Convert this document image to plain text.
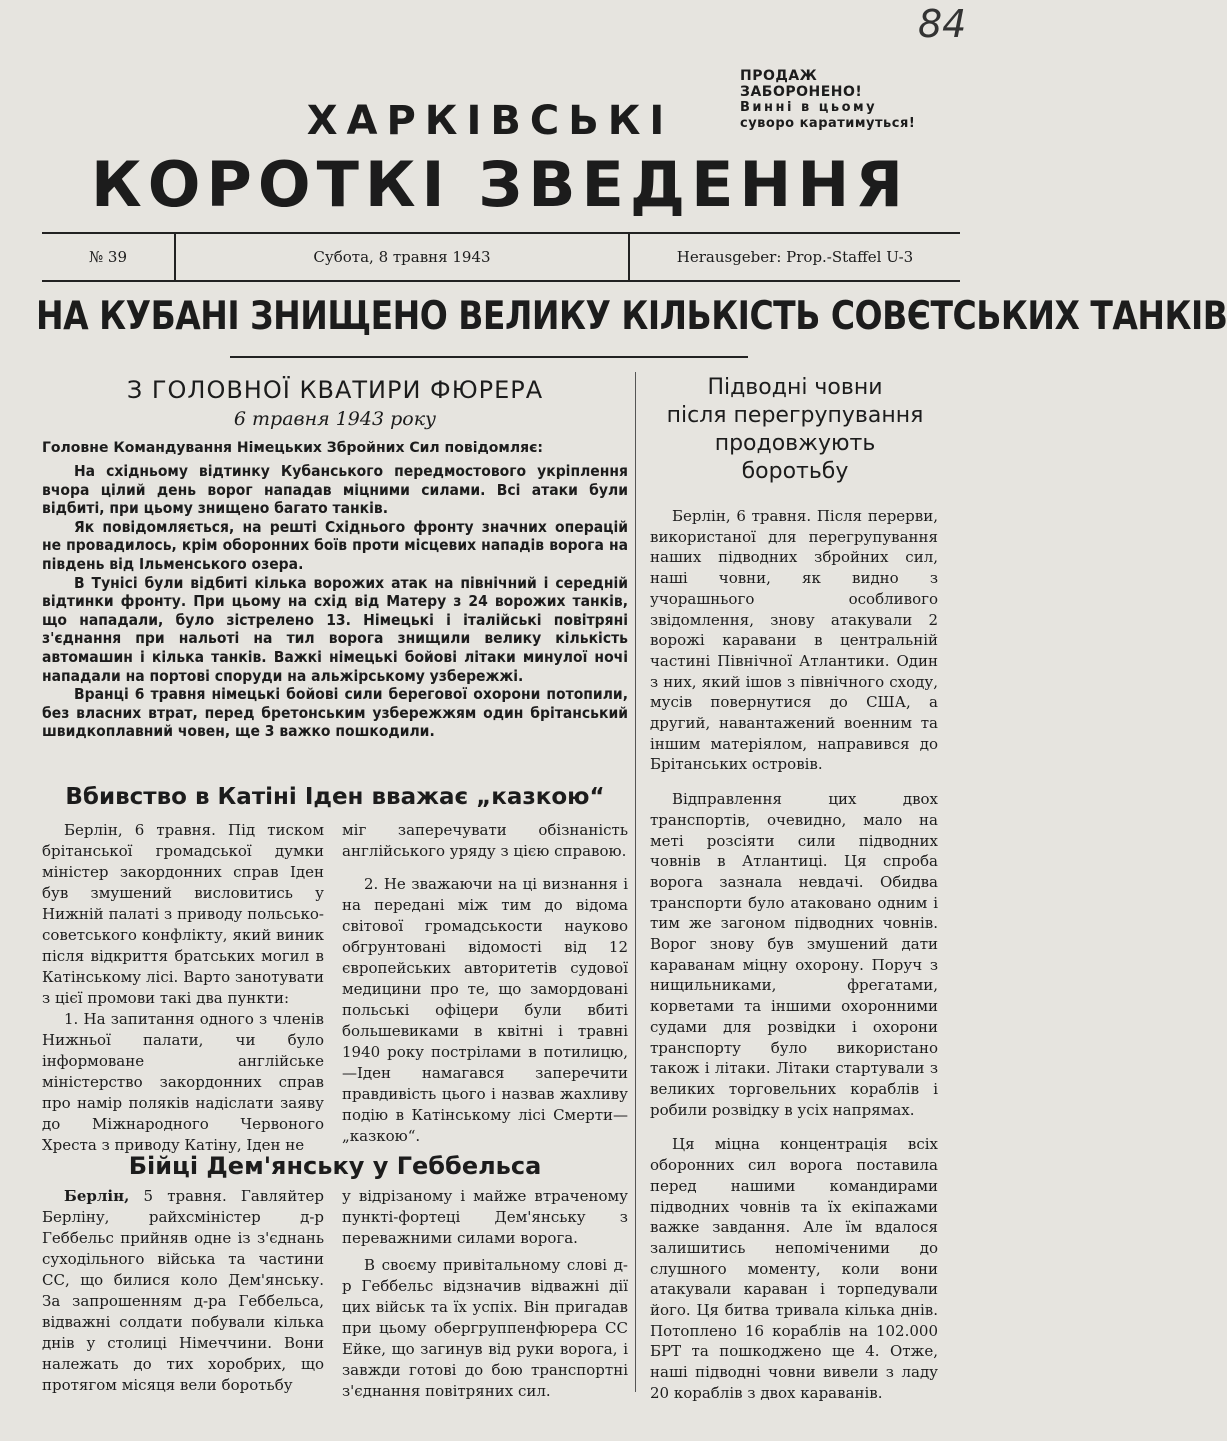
84
ПРОДАЖ ЗАБОРОНЕНО!
Винні в цьому
суворо каратимуться!
ХАРКІВСЬКІ
КОРОТКІ ЗВЕДЕННЯ
№ 39	Субота, 8 травня 1943	Herausgeber: Prop.-Staffel U-3
НА КУБАНІ ЗНИЩЕНО ВЕЛИКУ КІЛЬКІСТЬ СОВЄТСЬКИХ ТАНКІВ
З ГОЛОВНОЇ КВАТИРИ ФЮРЕРА
6 травня 1943 року
Головне Командування Німецьких Збройних Сил повідомляє:

На східньому відтинку Кубанського передмостового укріплення вчора цілий день ворог нападав міцними силами. Всі атаки були відбиті, при цьому знищено багато танків.

Як повідомляється, на решті Східнього фронту значних операцій не провадилось, крім оборонних боїв проти місцевих нападів ворога на південь від Ільменського озера.

В Тунісі були відбиті кілька ворожих атак на північний і середній відтинки фронту. При цьому на схід від Матеру з 24 ворожих танків, що нападали, було зістрелено 13. Німецькі і італійські повітряні з'єднання при нальоті на тил ворога знищили велику кількість автомашин і кілька танків. Важкі німецькі бойові літаки минулої ночі нападали на портові споруди на альжірському узбережжі.

Вранці 6 травня німецькі бойові сили берегової охорони потопили, без власних втрат, перед бретонським узбережжям один брітанський швидкоплавний човен, ще 3 важко пошкодили.

Вбивство в Катіні Іден вважає „казкою“

Берлін, 6 травня. Під тиском брітанської громадської думки міністер закордонних справ Іден був змушений висловитись у Нижній палаті з приводу польсько-советського конфлікту, який виник після відкриття братських могил в Катінському лісі. Варто занотувати з цієї промови такі два пункти:

1. На запитання одного з членів Нижньої палати, чи було інформоване англійське міністерство закордонних справ про намір поляків надіслати заяву до Міжнародного Червоного Хреста з приводу Катіну, Іден не

міг заперечувати обізнаність англійського уряду з цією справою.

2. Не зважаючи на ці визнання і на передані між тим до відома світової громадськости науково обгрунтовані відомості від 12 європейських авторитетів судової медицини про те, що замордовані польські офіцери були вбиті большевиками в квітні і травні 1940 року пострілами в потилицю,—Іден намагався заперечити правдивість цього і назвав жахливу подію в Катінському лісі Смерти—„казкою“.

Бійці Дем'янську у Геббельса

Берлін, 5 травня. Гавляйтер Берліну, райхсміністер д-р Геббельс прийняв одне із з'єднань суходільного війська та частини СС, що билися коло Дем'янську. За запрошенням д-ра Геббельса, відважні солдати побували кілька днів у столиці Німеччини. Вони належать до тих хоробрих, що протягом місяця вели боротьбу

у відрізаному і майже втраченому пункті-фортеці Дем'янську з переважними силами ворога.

В своєму привітальному слові д-р Геббельс відзначив відважні дії цих військ та їх успіх. Він пригадав при цьому обергруппенфюрера СС Ейке, що загинув від руки ворога, і завжди готові до бою транспортні з'єднання повітряних сил.

Підводні човни
після перегрупування
продовжують
боротьбу

Берлін, 6 травня. Після перерви, використаної для перегрупування наших підводних збройних сил, наші човни, як видно з учорашнього особливого звідомлення, знову атакували 2 ворожі каравани в центральній частині Північної Атлантики. Один з них, який ішов з північного сходу, мусів повернутися до США, а другий, навантажений военним та іншим матеріялом, направився до Брітанських островів.

Відправлення цих двох транспортів, очевидно, мало на меті розсіяти сили підводних човнів в Атлантиці. Ця спроба ворога зазнала невдачі. Обидва транспорти було атаковано одним і тим же загоном підводних човнів. Ворог знову був змушений дати караванам міцну охорону. Поруч з нищильниками, фрегатами, корветами та іншими охоронними судами для розвідки і охорони транспорту було використано також і літаки. Літаки стартували з великих торговельних кораблів і робили розвідку в усіх напрямах.

Ця міцна концентрація всіх оборонних сил ворога поставила перед нашими командирами підводних човнів та їх екіпажами важке завдання. Але їм вдалося залишитись непоміченими до слушного моменту, коли вони атакували караван і торпедували його. Ця битва тривала кілька днів. Потоплено 16 кораблів на 102.000 БРТ та пошкоджено ще 4. Отже, наші підводні човни вивели з ладу 20 кораблів з двох караванів.
